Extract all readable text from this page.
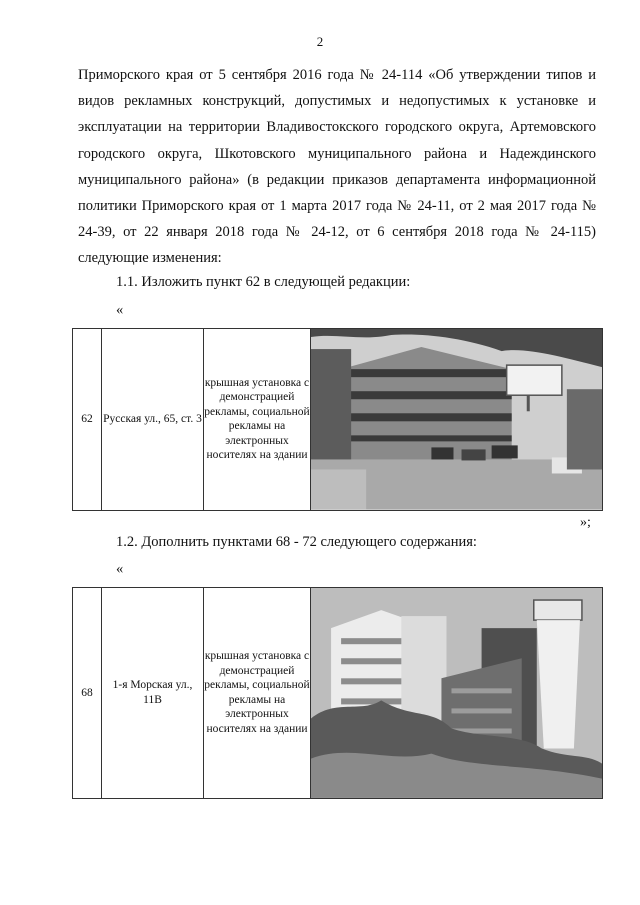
2

Приморского края от 5 сентября 2016 года № 24-114 «Об утверждении типов и видов рекламных конструкций, допустимых и недопустимых к установке и эксплуатации на территории Владивостокского городского округа, Артемовского городского округа, Шкотовского муниципального района и Надеждинского муниципального района» (в редакции приказов департамента информационной политики Приморского края от 1 марта 2017 года № 24-11, от 2 мая 2017 года № 24-39, от 22 января 2018 года № 24-12, от 6 сентября 2018 года № 24-115) следующие изменения:

1.1. Изложить пункт 62 в следующей редакции:
«
62	Русская ул., 65, ст. 3	крышная установка с демонстрацией рекламы, социальной рекламы на электронных носителях на здании	
»;
1.2. Дополнить пунктами 68 - 72 следующего содержания:
«
68	1-я Морская ул., 11В	крышная установка с демонстрацией рекламы, социальной рекламы на электронных носителях на здании	
